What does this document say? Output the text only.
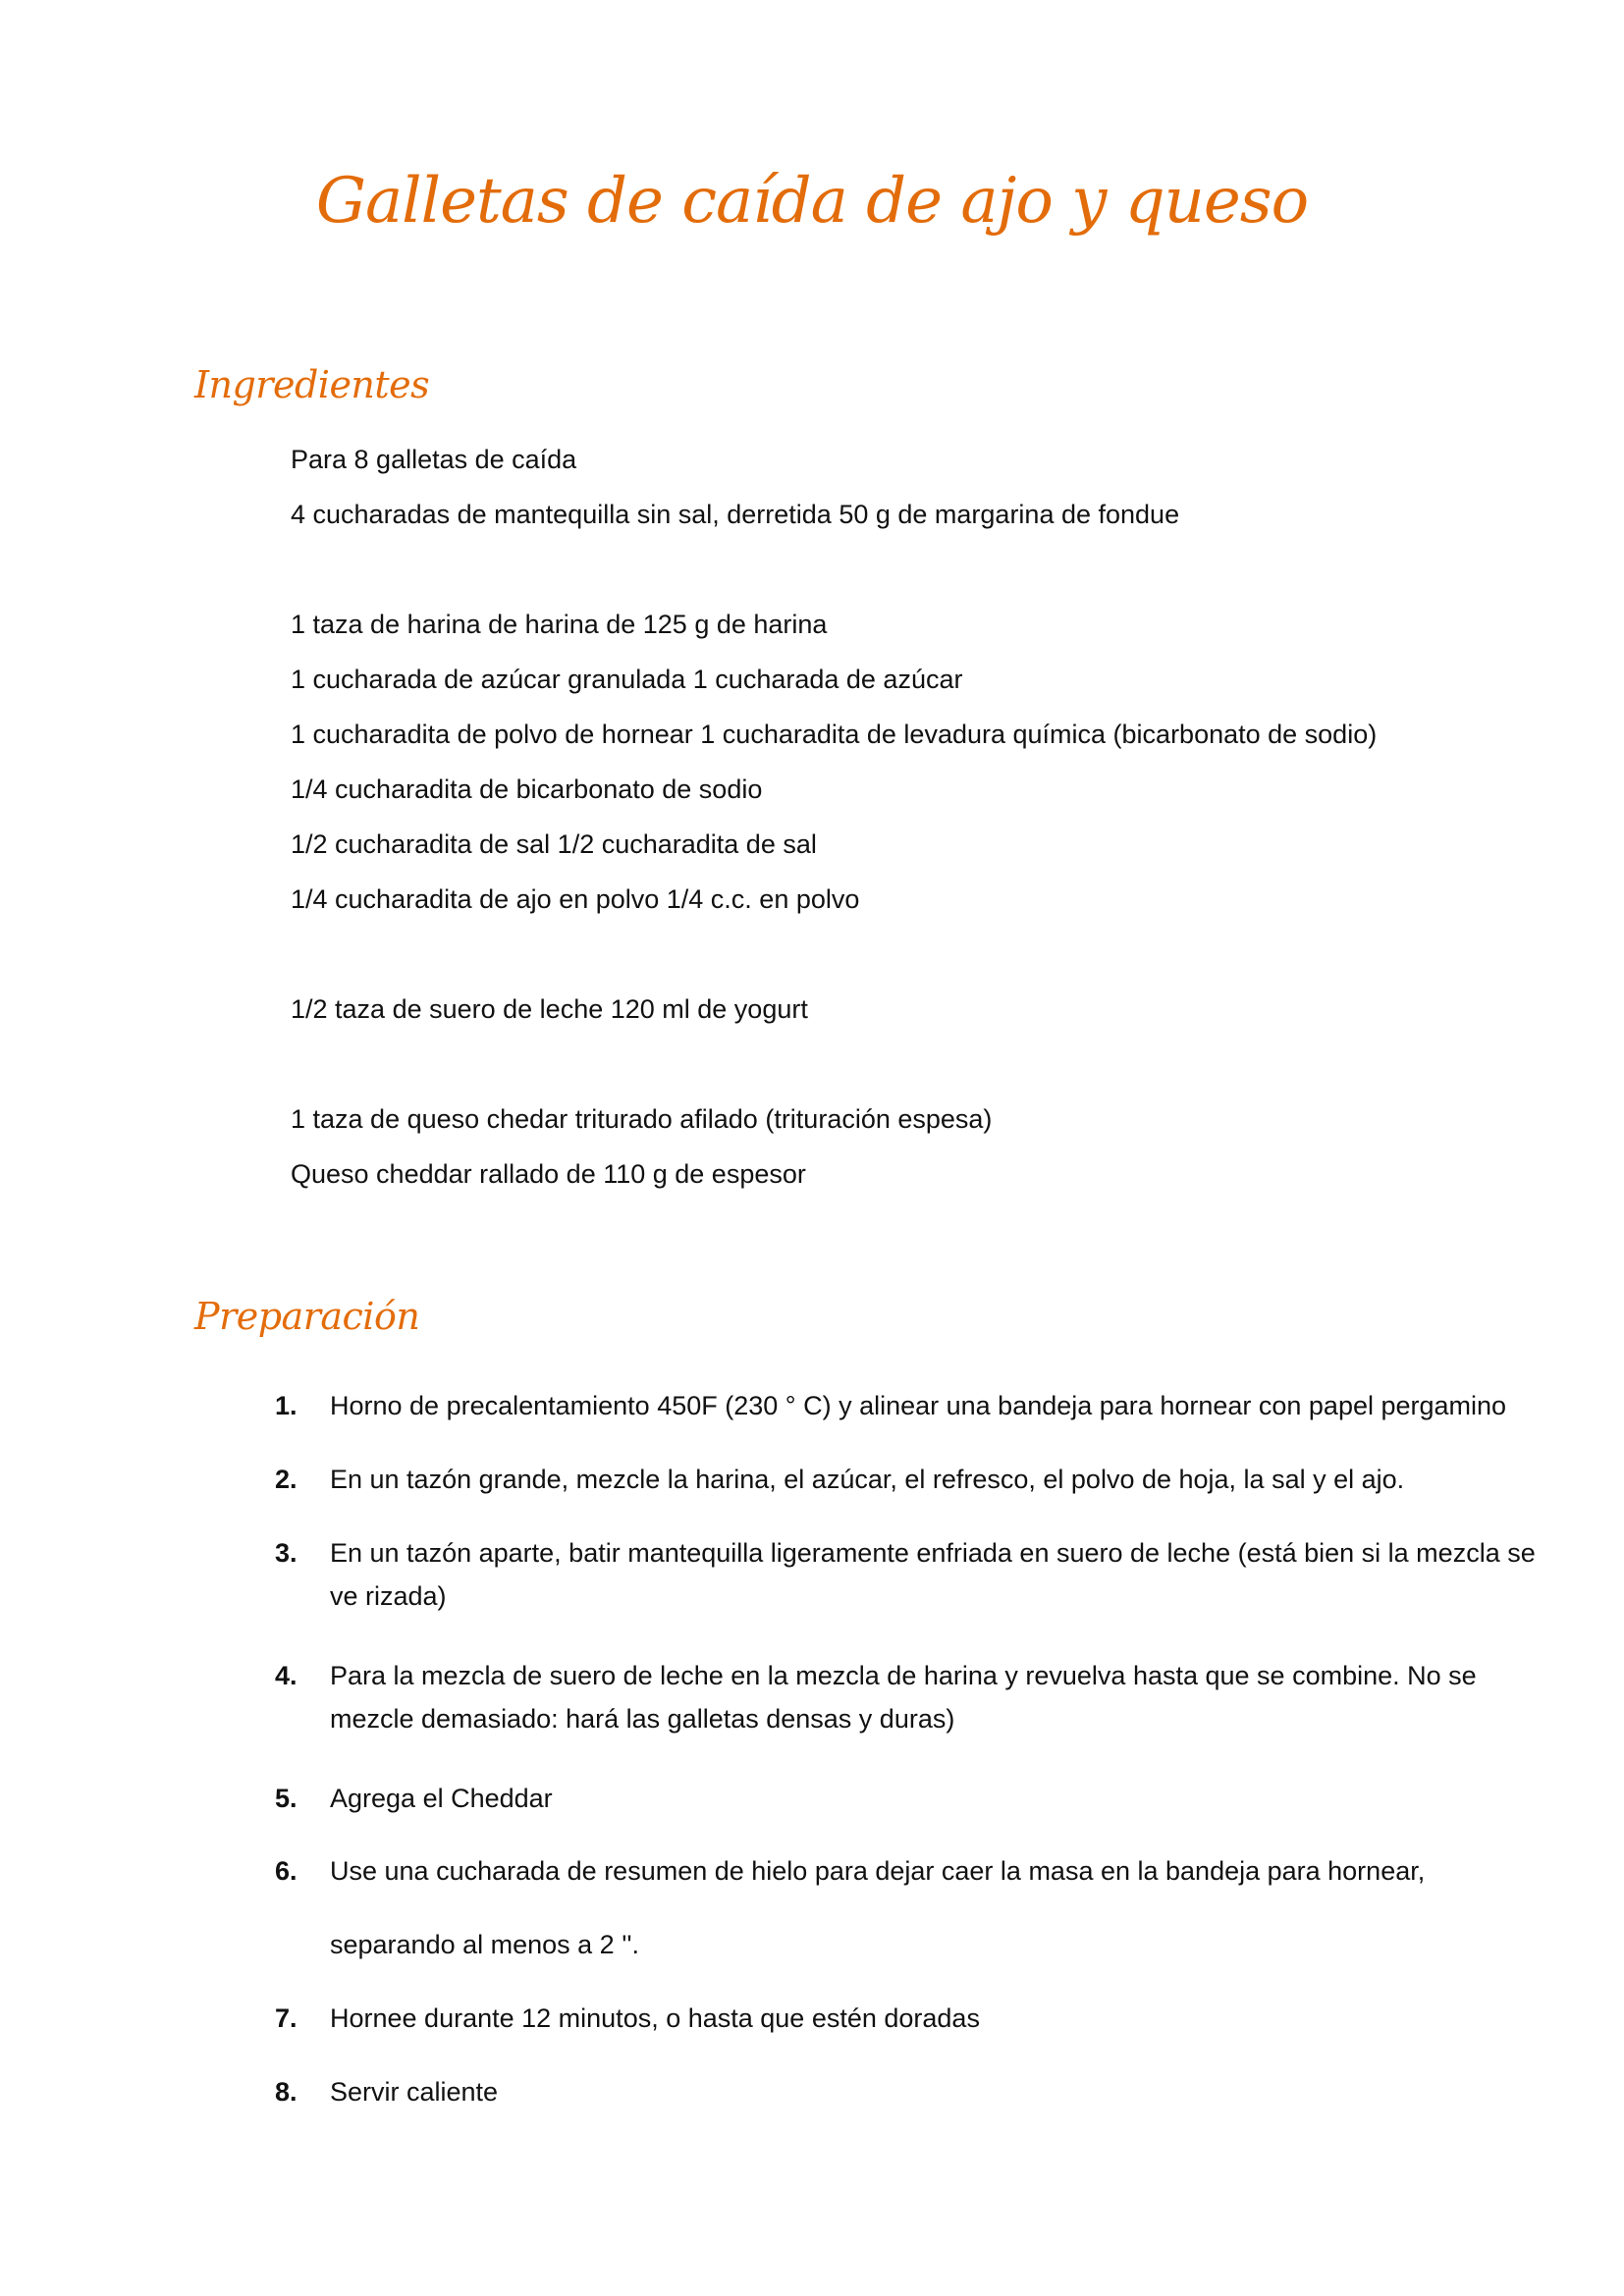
Galletas de caída de ajo y queso
Ingredientes
Para 8 galletas de caída
4 cucharadas de mantequilla sin sal, derretida 50 g de margarina de fondue
1 taza de harina de harina de 125 g de harina
1 cucharada de azúcar granulada 1 cucharada de azúcar
1 cucharadita de polvo de hornear 1 cucharadita de levadura química (bicarbonato de sodio)
1/4 cucharadita de bicarbonato de sodio
1/2 cucharadita de sal 1/2 cucharadita de sal
1/4 cucharadita de ajo en polvo 1/4 c.c. en polvo
1/2 taza de suero de leche 120 ml de yogurt
1 taza de queso chedar triturado afilado (trituración espesa)
Queso cheddar rallado de 110 g de espesor
Preparación
1.	Horno de precalentamiento 450F (230 ° C) y alinear una bandeja para hornear con papel pergamino
2.	En un tazón grande, mezcle la harina, el azúcar, el refresco, el polvo de hoja, la sal y el ajo.
3.	En un tazón aparte, batir mantequilla ligeramente enfriada en suero de leche (está bien si la mezcla se ve rizada)
4.	Para la mezcla de suero de leche en la mezcla de harina y revuelva hasta que se combine. No se mezcle demasiado: hará las galletas densas y duras)
5.	Agrega el Cheddar
6.	Use una cucharada de resumen de hielo para dejar caer la masa en la bandeja para hornear,
separando al menos a 2 ''.
7.	Hornee durante 12 minutos, o hasta que estén doradas
8.	Servir caliente
